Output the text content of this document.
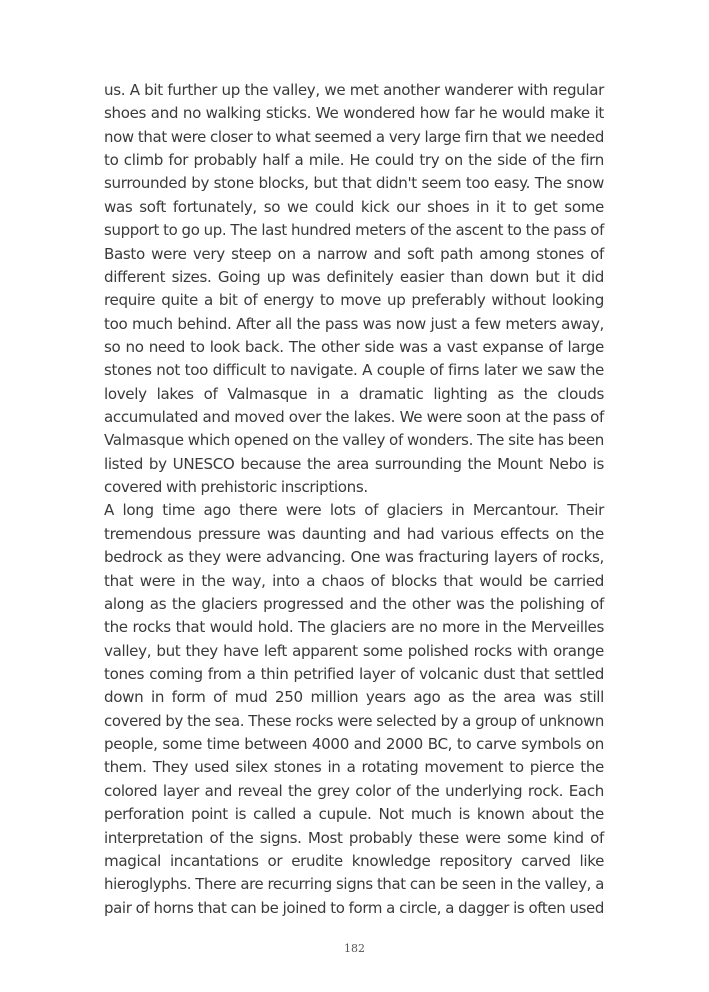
us. A bit further up the valley, we met another wanderer with regular
shoes and no walking sticks. We wondered how far he would make it
now that were closer to what seemed a very large firn that we needed
to climb for probably half a mile. He could try on the side of the firn
surrounded by stone blocks, but that didn't seem too easy. The snow
was soft fortunately, so we could kick our shoes in it to get some
support to go up. The last hundred meters of the ascent to the pass of
Basto were very steep on a narrow and soft path among stones of
different sizes. Going up was definitely easier than down but it did
require quite a bit of energy to move up preferably without looking
too much behind. After all the pass was now just a few meters away,
so no need to look back. The other side was a vast expanse of large
stones not too difficult to navigate. A couple of firns later we saw the
lovely lakes of Valmasque in a dramatic lighting as the clouds
accumulated and moved over the lakes. We were soon at the pass of
Valmasque which opened on the valley of wonders. The site has been
listed by UNESCO because the area surrounding the Mount Nebo is
covered with prehistoric inscriptions.
A long time ago there were lots of glaciers in Mercantour. Their
tremendous pressure was daunting and had various effects on the
bedrock as they were advancing. One was fracturing layers of rocks,
that were in the way, into a chaos of blocks that would be carried
along as the glaciers progressed and the other was the polishing of
the rocks that would hold. The glaciers are no more in the Merveilles
valley, but they have left apparent some polished rocks with orange
tones coming from a thin petrified layer of volcanic dust that settled
down in form of mud 250 million years ago as the area was still
covered by the sea. These rocks were selected by a group of unknown
people, some time between 4000 and 2000 BC, to carve symbols on
them. They used silex stones in a rotating movement to pierce the
colored layer and reveal the grey color of the underlying rock. Each
perforation point is called a cupule. Not much is known about the
interpretation of the signs. Most probably these were some kind of
magical incantations or erudite knowledge repository carved like
hieroglyphs. There are recurring signs that can be seen in the valley, a
pair of horns that can be joined to form a circle, a dagger is often used
182
